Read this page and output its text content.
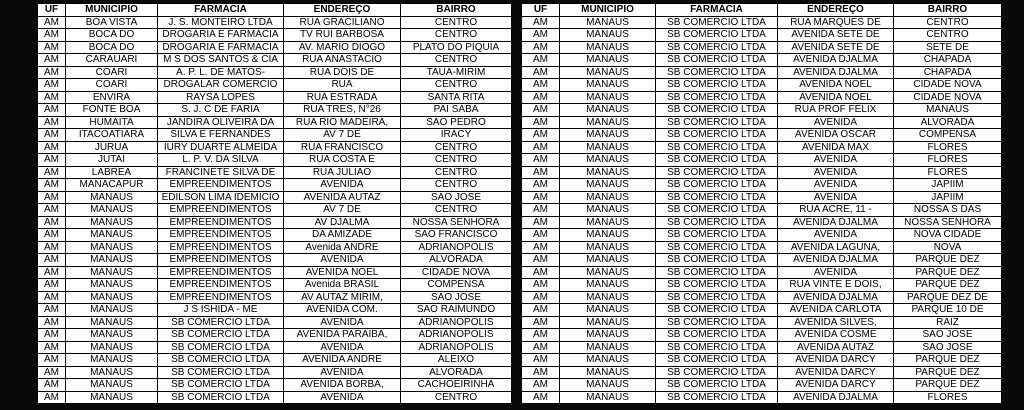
UF	MUNICÍPIO	FARMÁCIA	ENDEREÇO	BAIRRO
AM	BOA VISTA	J. S. MONTEIRO LTDA	RUA GRACILIANO	CENTRO
AM	BOCA DO	DROGARIA E FARMACIA	TV RUI BARBOSA	CENTRO
AM	BOCA DO	DROGARIA E FARMACIA	AV. MARIO DIOGO	PLATO DO PIQUIA
AM	CARAUARI	M S DOS SANTOS & CIA	RUA ANASTACIO	CENTRO
AM	COARI	A. P. L. DE MATOS-	RUA DOIS DE	TAUA-MIRIM
AM	COARI	DROGALAR COMERCIO	RUA	CENTRO
AM	ENVIRA	RAYSA LOPES	RUA ESTRADA	SANTA RITA
AM	FONTE BOA	S. J. C DE FARIA	RUA TRES, N°26	PAI SABA
AM	HUMAITA	JANDIRA OLIVEIRA DA	RUA RIO MADEIRA,	SAO PEDRO
AM	ITACOATIARA	SILVA E FERNANDES	AV 7 DE	IRACY
AM	JURUA	IURY DUARTE ALMEIDA	RUA FRANCISCO	CENTRO
AM	JUTAI	L. P. V. DA SILVA	RUA COSTA E	CENTRO
AM	LABREA	FRANCINETE SILVA DE	RUA JULIAO	CENTRO
AM	MANACAPUR	EMPREENDIMENTOS	AVENIDA	CENTRO
AM	MANAUS	EDILSON LIMA IDEMICIO	AVENIDA AUTAZ	SAO JOSE
AM	MANAUS	EMPREENDIMENTOS	AV 7 DE	CENTRO
AM	MANAUS	EMPREENDIMENTOS	AV DJALMA	NOSSA SENHORA
AM	MANAUS	EMPREENDIMENTOS	DA AMIZADE	SAO FRANCISCO
AM	MANAUS	EMPREENDIMENTOS	Avenida ANDRE	ADRIANOPOLIS
AM	MANAUS	EMPREENDIMENTOS	AVENIDA	ALVORADA
AM	MANAUS	EMPREENDIMENTOS	AVENIDA NOEL	CIDADE NOVA
AM	MANAUS	EMPREENDIMENTOS	Avenida BRASIL	COMPENSA
AM	MANAUS	EMPREENDIMENTOS	AV AUTAZ MIRIM,	SAO JOSE
AM	MANAUS	J S ISHIDA - ME	AVENIDA COM.	SAO RAIMUNDO
AM	MANAUS	SB COMERCIO LTDA	AVENIDA	ADRIANOPOLIS
AM	MANAUS	SB COMERCIO LTDA	AVENIDA PARAIBA,	ADRIANOPOLIS
AM	MANAUS	SB COMERCIO LTDA	AVENIDA	ADRIANOPOLIS
AM	MANAUS	SB COMERCIO LTDA	AVENIDA ANDRE	ALEIXO
AM	MANAUS	SB COMERCIO LTDA	AVENIDA	ALVORADA
AM	MANAUS	SB COMERCIO LTDA	AVENIDA BORBA,	CACHOEIRINHA
AM	MANAUS	SB COMERCIO LTDA	AVENIDA	CENTRO
UF	MUNICÍPIO	FARMÁCIA	ENDEREÇO	BAIRRO
AM	MANAUS	SB COMERCIO LTDA	RUA MARQUES DE	CENTRO
AM	MANAUS	SB COMERCIO LTDA	AVENIDA SETE DE	CENTRO
AM	MANAUS	SB COMERCIO LTDA	AVENIDA SETE DE	SETE DE
AM	MANAUS	SB COMERCIO LTDA	AVENIDA DJALMA	CHAPADA
AM	MANAUS	SB COMERCIO LTDA	AVENIDA DJALMA	CHAPADA
AM	MANAUS	SB COMERCIO LTDA	AVENIDA NOEL	CIDADE NOVA
AM	MANAUS	SB COMERCIO LTDA	AVENIDA NOEL	CIDADE NOVA
AM	MANAUS	SB COMERCIO LTDA	RUA PROF FELIX	MANAUS
AM	MANAUS	SB COMERCIO LTDA	AVENIDA	ALVORADA
AM	MANAUS	SB COMERCIO LTDA	AVENIDA OSCAR	COMPENSA
AM	MANAUS	SB COMERCIO LTDA	AVENIDA MAX	FLORES
AM	MANAUS	SB COMERCIO LTDA	AVENIDA	FLORES
AM	MANAUS	SB COMERCIO LTDA	AVENIDA	FLORES
AM	MANAUS	SB COMERCIO LTDA	AVENIDA	JAPIIM
AM	MANAUS	SB COMERCIO LTDA	AVENIDA	JAPIIM
AM	MANAUS	SB COMERCIO LTDA	RUA ACRE, 11 -	NOSSA S DAS
AM	MANAUS	SB COMERCIO LTDA	AVENIDA DJALMA	NOSSA SENHORA
AM	MANAUS	SB COMERCIO LTDA	AVENIDA	NOVA CIDADE
AM	MANAUS	SB COMERCIO LTDA	AVENIDA LAGUNA,	NOVA
AM	MANAUS	SB COMERCIO LTDA	AVENIDA DJALMA	PARQUE DEZ
AM	MANAUS	SB COMERCIO LTDA	AVENIDA	PARQUE DEZ
AM	MANAUS	SB COMERCIO LTDA	RUA VINTE E DOIS,	PARQUE DEZ
AM	MANAUS	SB COMERCIO LTDA	AVENIDA DJALMA	PARQUE DEZ DE
AM	MANAUS	SB COMERCIO LTDA	AVENIDA CARLOTA	PARQUE 10 DE
AM	MANAUS	SB COMERCIO LTDA	AVENIDA SILVES,	RAIZ
AM	MANAUS	SB COMERCIO LTDA	AVENIDA COSME	SAO JOSE
AM	MANAUS	SB COMERCIO LTDA	AVENIDA AUTAZ	SAO JOSE
AM	MANAUS	SB COMERCIO LTDA	AVENIDA DARCY	PARQUE DEZ
AM	MANAUS	SB COMERCIO LTDA	AVENIDA DARCY	PARQUE DEZ
AM	MANAUS	SB COMERCIO LTDA	AVENIDA DARCY	PARQUE DEZ
AM	MANAUS	SB COMERCIO LTDA	AVENIDA DJALMA	FLORES
